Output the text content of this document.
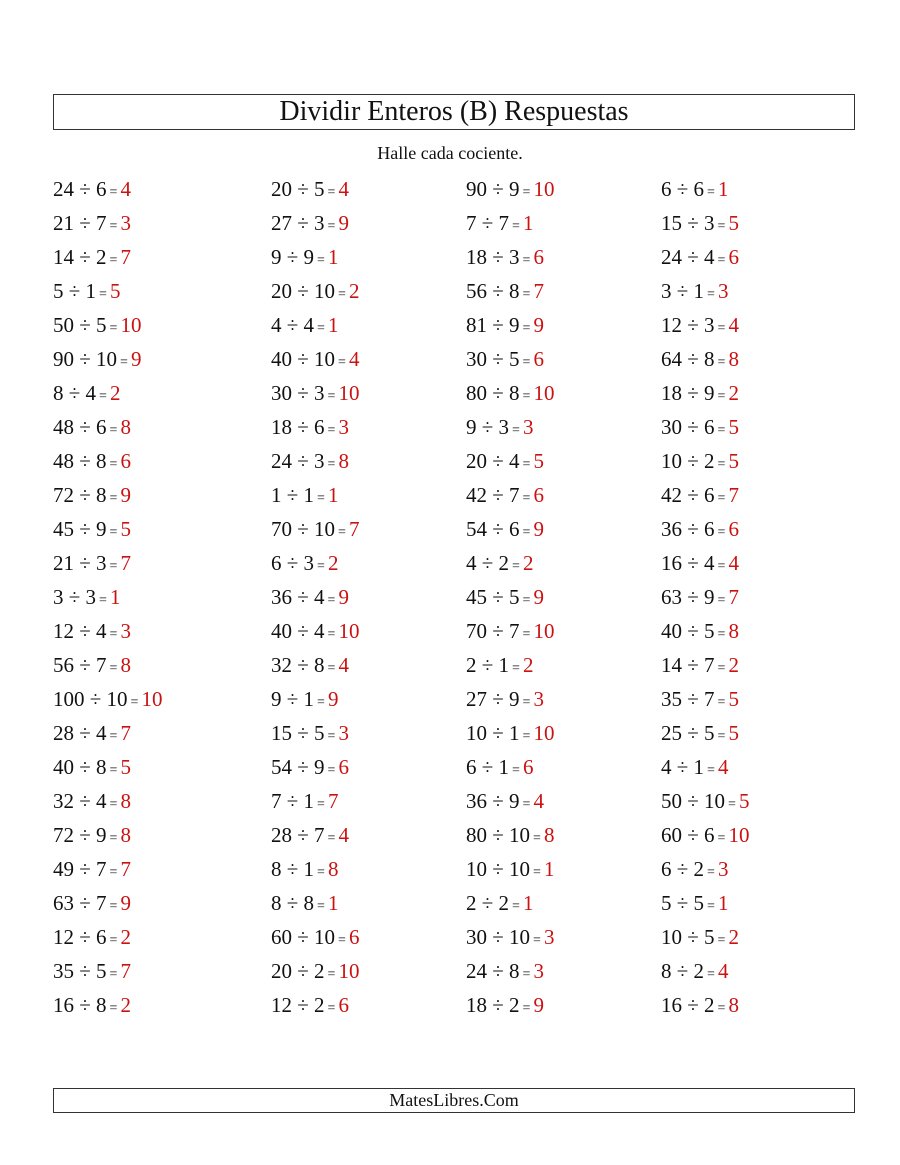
Dividir Enteros (B) Respuestas
Halle cada cociente.
24 ÷ 6 = 4
21 ÷ 7 = 3
14 ÷ 2 = 7
5 ÷ 1 = 5
50 ÷ 5 = 10
90 ÷ 10 = 9
8 ÷ 4 = 2
48 ÷ 6 = 8
48 ÷ 8 = 6
72 ÷ 8 = 9
45 ÷ 9 = 5
21 ÷ 3 = 7
3 ÷ 3 = 1
12 ÷ 4 = 3
56 ÷ 7 = 8
100 ÷ 10 = 10
28 ÷ 4 = 7
40 ÷ 8 = 5
32 ÷ 4 = 8
72 ÷ 9 = 8
49 ÷ 7 = 7
63 ÷ 7 = 9
12 ÷ 6 = 2
35 ÷ 5 = 7
16 ÷ 8 = 2
20 ÷ 5 = 4
27 ÷ 3 = 9
9 ÷ 9 = 1
20 ÷ 10 = 2
4 ÷ 4 = 1
40 ÷ 10 = 4
30 ÷ 3 = 10
18 ÷ 6 = 3
24 ÷ 3 = 8
1 ÷ 1 = 1
70 ÷ 10 = 7
6 ÷ 3 = 2
36 ÷ 4 = 9
40 ÷ 4 = 10
32 ÷ 8 = 4
9 ÷ 1 = 9
15 ÷ 5 = 3
54 ÷ 9 = 6
7 ÷ 1 = 7
28 ÷ 7 = 4
8 ÷ 1 = 8
8 ÷ 8 = 1
60 ÷ 10 = 6
20 ÷ 2 = 10
12 ÷ 2 = 6
90 ÷ 9 = 10
7 ÷ 7 = 1
18 ÷ 3 = 6
56 ÷ 8 = 7
81 ÷ 9 = 9
30 ÷ 5 = 6
80 ÷ 8 = 10
9 ÷ 3 = 3
20 ÷ 4 = 5
42 ÷ 7 = 6
54 ÷ 6 = 9
4 ÷ 2 = 2
45 ÷ 5 = 9
70 ÷ 7 = 10
2 ÷ 1 = 2
27 ÷ 9 = 3
10 ÷ 1 = 10
6 ÷ 1 = 6
36 ÷ 9 = 4
80 ÷ 10 = 8
10 ÷ 10 = 1
2 ÷ 2 = 1
30 ÷ 10 = 3
24 ÷ 8 = 3
18 ÷ 2 = 9
6 ÷ 6 = 1
15 ÷ 3 = 5
24 ÷ 4 = 6
3 ÷ 1 = 3
12 ÷ 3 = 4
64 ÷ 8 = 8
18 ÷ 9 = 2
30 ÷ 6 = 5
10 ÷ 2 = 5
42 ÷ 6 = 7
36 ÷ 6 = 6
16 ÷ 4 = 4
63 ÷ 9 = 7
40 ÷ 5 = 8
14 ÷ 7 = 2
35 ÷ 7 = 5
25 ÷ 5 = 5
4 ÷ 1 = 4
50 ÷ 10 = 5
60 ÷ 6 = 10
6 ÷ 2 = 3
5 ÷ 5 = 1
10 ÷ 5 = 2
8 ÷ 2 = 4
16 ÷ 2 = 8
MatesLibres.Com
